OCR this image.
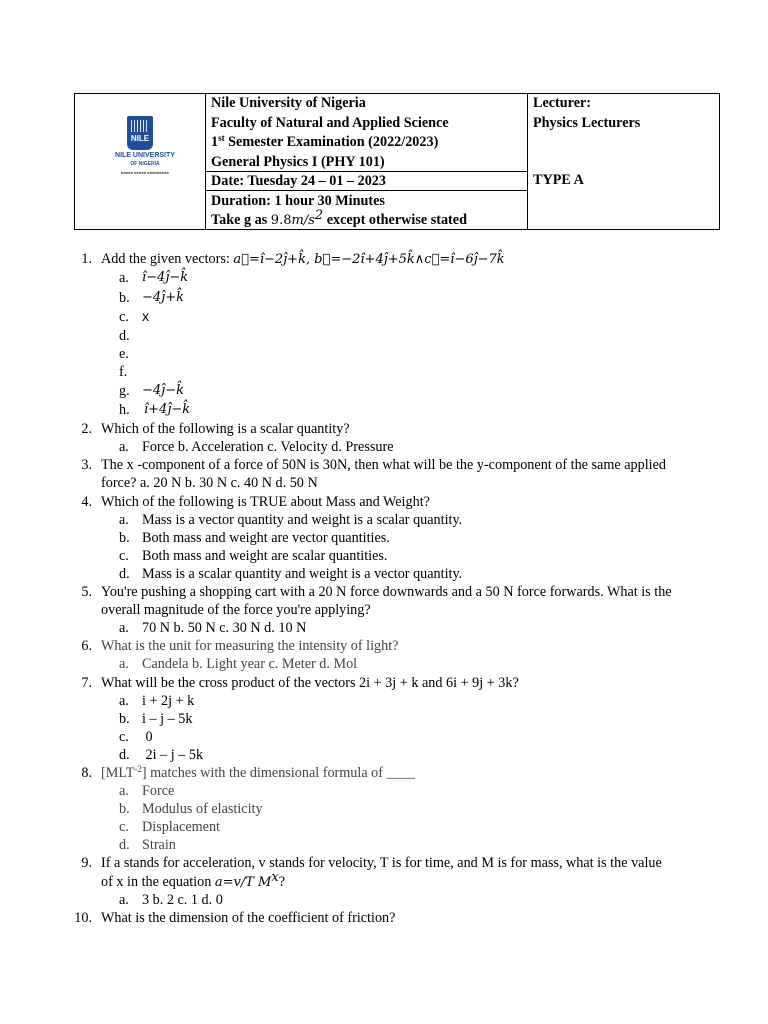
NILE
NILE UNIVERSITY
OF NIGERIA
■■■■■ ■■■■■ ■■■■■■■■■
Nile University of Nigeria
Faculty of Natural and Applied Science
1st Semester Examination (2022/2023)
General Physics I (PHY 101)
Date: Tuesday 24 – 01 – 2023
Duration: 1 hour 30 Minutes
Take g as $9.8m/s^2$ except otherwise stated
Lecturer:
Physics Lecturers
TYPE A
1. Add the given vectors: a⃗=î−2ĵ+k̂, b⃗=−2î+4ĵ+5k̂∧c⃗=î−6ĵ−7k̂
a.	î−4ĵ−k̂
b. −4ĵ+k̂
c. x
d.
e.
f.
g. −4ĵ−k̂
h. î+4ĵ−k̂
2. Which of the following is a scalar quantity?
a. Force b. Acceleration c. Velocity d. Pressure
3. The x -component of a force of 50N is 30N, then what will be the y-component of the same applied
force? a. 20 N b. 30 N c. 40 N d. 50 N
4. Which of the following is TRUE about Mass and Weight?
a. Mass is a vector quantity and weight is a scalar quantity.
b. Both mass and weight are vector quantities.
c. Both mass and weight are scalar quantities.
d. Mass is a scalar quantity and weight is a vector quantity.
5. You're pushing a shopping cart with a 20 N force downwards and a 50 N force forwards. What is the
overall magnitude of the force you're applying?
a. 70 N b. 50 N c. 30 N d. 10 N
6. What is the unit for measuring the intensity of light?
a. Candela b. Light year c. Meter d. Mol
7. What will be the cross product of the vectors 2i + 3j + k and 6i + 9j + 3k?
a. i + 2j + k
b. i – j – 5k
c. 0
d. 2i – j – 5k
8. $[MLT^{-2}]$ matches with the dimensional formula of ____
a. Force
b. Modulus of elasticity
c. Displacement
d. Strain
9. If a stands for acceleration, v stands for velocity, T is for time, and M is for mass, what is the value
of x in the equation a=v/T $M^x$?
a. 3 b. 2 c. 1 d. 0
10. What is the dimension of the coefficient of friction?
